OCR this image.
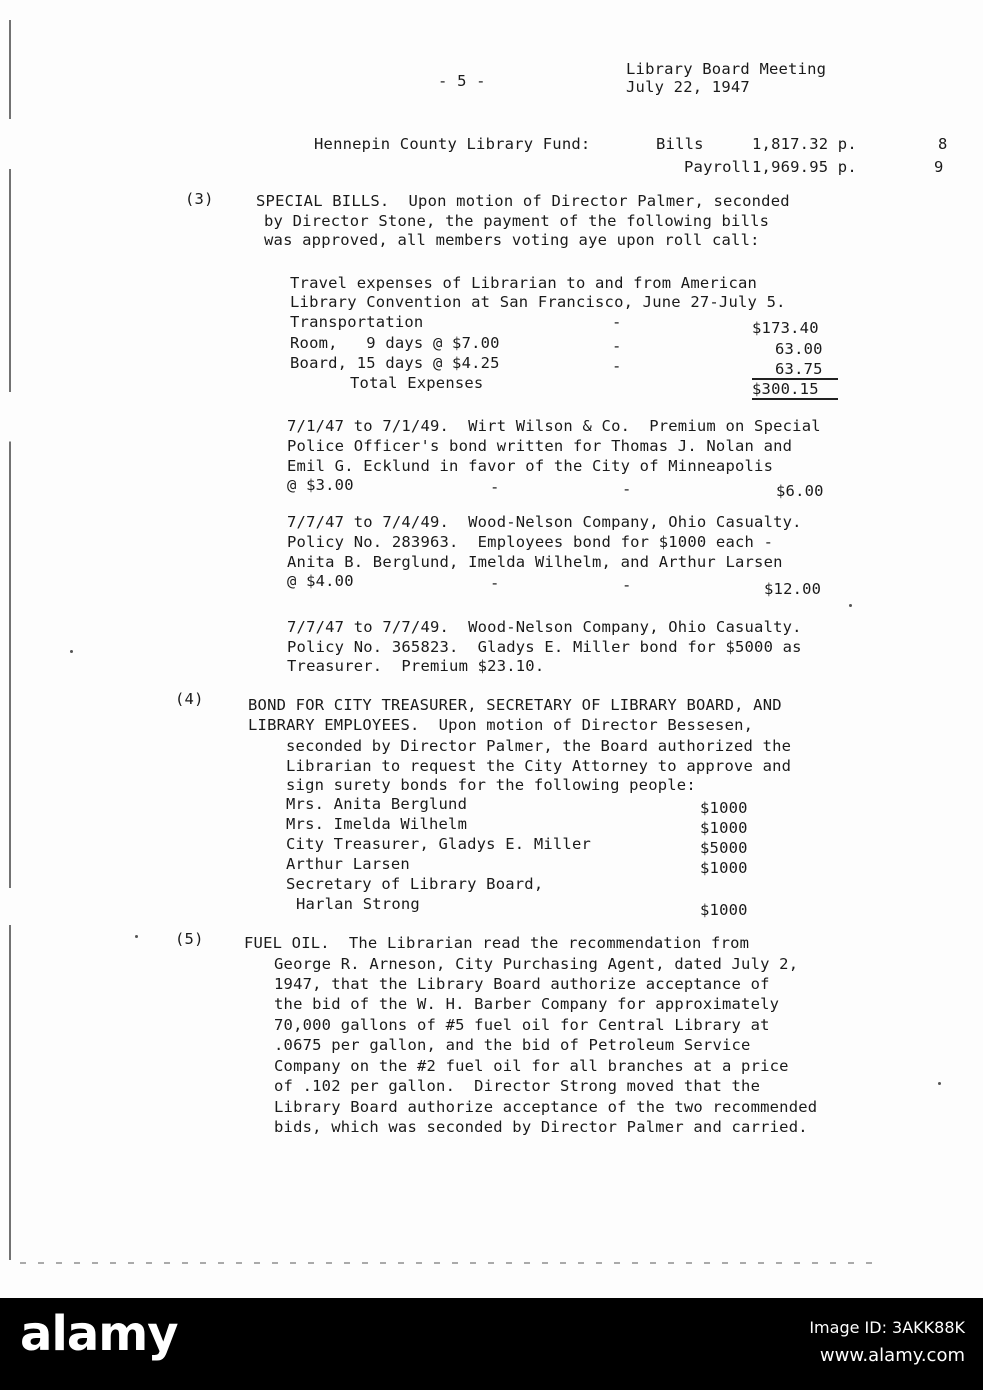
- 5 -
Library Board Meeting
July 22, 1947
Hennepin County Library Fund:	Bills	1,817.32 p.	8
Payroll 1,969.95 p.	9
(3)	SPECIAL BILLS.  Upon motion of Director Palmer, seconded
by Director Stone, the payment of the following bills
was approved, all members voting aye upon roll call:
Travel expenses of Librarian to and from American
Library Convention at San Francisco, June 27-July 5.
Transportation	-	$173.40
Room,   9 days @ $7.00	-	63.00
Board, 15 days @ $4.25	-	63.75
Total Expenses	$300.15
7/1/47 to 7/1/49.  Wirt Wilson & Co.  Premium on Special
Police Officer's bond written for Thomas J. Nolan and
Emil G. Ecklund in favor of the City of Minneapolis
@ $3.00	-	-	$6.00
7/7/47 to 7/4/49.  Wood-Nelson Company, Ohio Casualty.
Policy No. 283963.  Employees bond for $1000 each -
Anita B. Berglund, Imelda Wilhelm, and Arthur Larsen
@ $4.00	-	-	$12.00
7/7/47 to 7/7/49.  Wood-Nelson Company, Ohio Casualty.
Policy No. 365823.  Gladys E. Miller bond for $5000 as
Treasurer.  Premium $23.10.
(4)	BOND FOR CITY TREASURER, SECRETARY OF LIBRARY BOARD, AND
LIBRARY EMPLOYEES.  Upon motion of Director Bessesen,
seconded by Director Palmer, the Board authorized the
Librarian to request the City Attorney to approve and
sign surety bonds for the following people:
Mrs. Anita Berglund	$1000
Mrs. Imelda Wilhelm	$1000
City Treasurer, Gladys E. Miller	$5000
Arthur Larsen	$1000
Secretary of Library Board,
Harlan Strong	$1000
(5)	FUEL OIL.  The Librarian read the recommendation from
George R. Arneson, City Purchasing Agent, dated July 2,
1947, that the Library Board authorize acceptance of
the bid of the W. H. Barber Company for approximately
70,000 gallons of #5 fuel oil for Central Library at
.0675 per gallon, and the bid of Petroleum Service
Company on the #2 fuel oil for all branches at a price
of .102 per gallon.  Director Strong moved that the
Library Board authorize acceptance of the two recommended
bids, which was seconded by Director Palmer and carried.
alamy	Image ID: 3AKK88K
www.alamy.com
